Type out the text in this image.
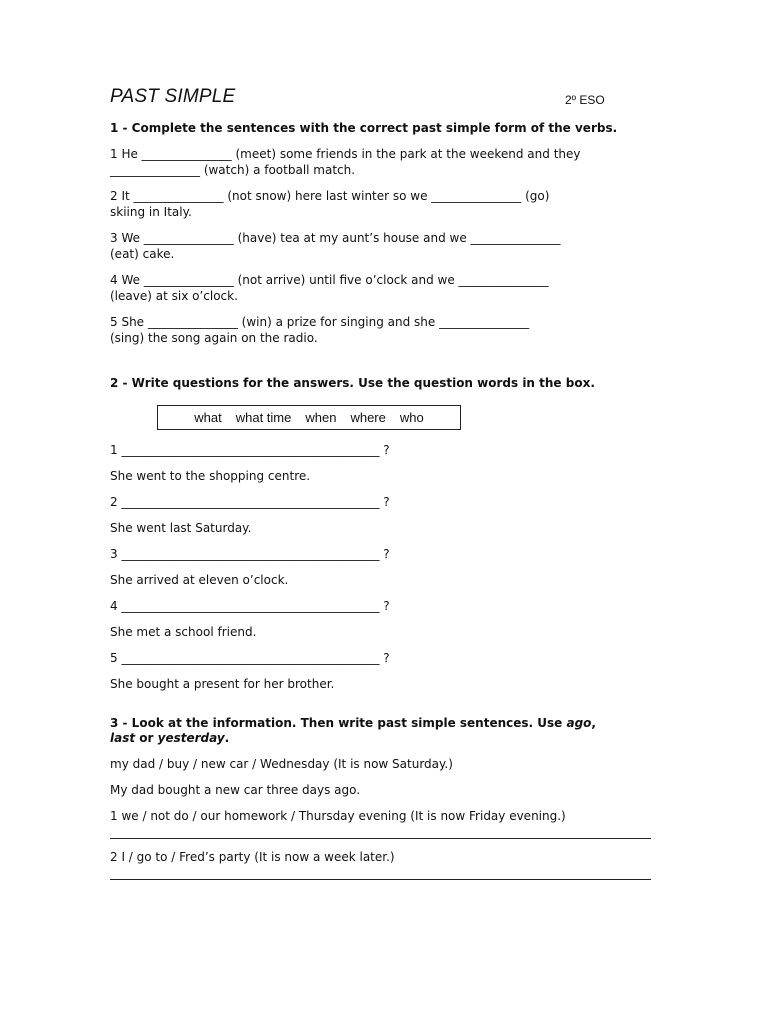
PAST SIMPLE	2º ESO

1 - Complete the sentences with the correct past simple form of the verbs.

1 He _______________ (meet) some friends in the park at the weekend and they

_______________ (watch) a football match.

2 It _______________ (not snow) here last winter so we _______________ (go)

skiing in Italy.

3 We _______________ (have) tea at my aunt’s house and we _______________

(eat) cake.

4 We _______________ (not arrive) until five o’clock and we _______________

(leave) at six o’clock.

5 She _______________ (win) a prize for singing and she _______________

(sing) the song again on the radio.

2 - Write questions for the answers. Use the question words in the box.

what what time when where who

1 ___________________________________________ ?

She went to the shopping centre.

2 ___________________________________________ ?

She went last Saturday.

3 ___________________________________________ ?

She arrived at eleven o’clock.

4 ___________________________________________ ?

She met a school friend.

5 ___________________________________________ ?

She bought a present for her brother.

3 - Look at the information. Then write past simple sentences. Use ago,
last or yesterday.

my dad / buy / new car / Wednesday (It is now Saturday.)

My dad bought a new car three days ago.

1 we / not do / our homework / Thursday evening (It is now Friday evening.)

2 I / go to / Fred’s party (It is now a week later.)
